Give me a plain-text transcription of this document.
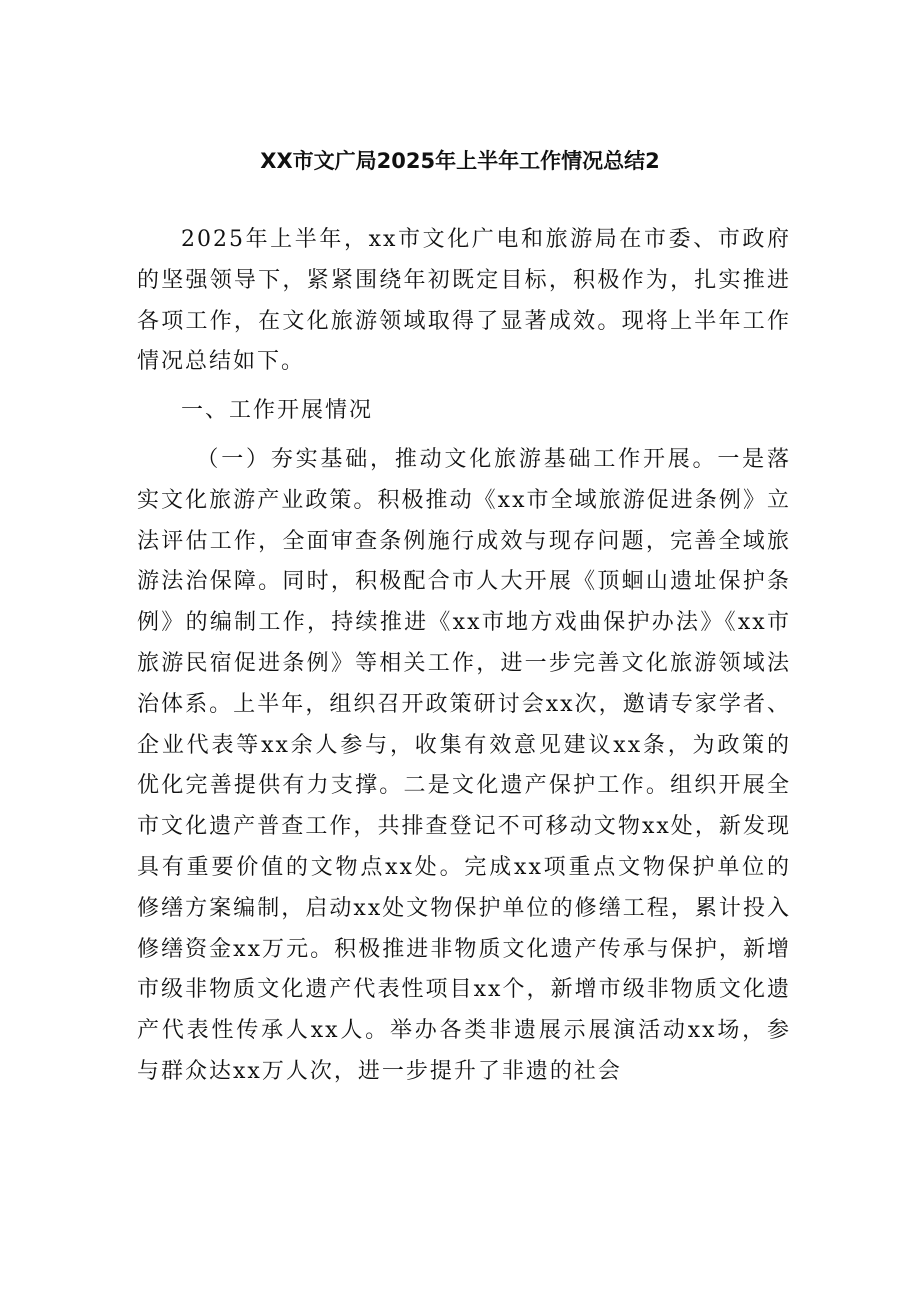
XX市文广局2025年上半年工作情况总结2

2025年上半年，xx市文化广电和旅游局在市委、市政府的坚强领导下，紧紧围绕年初既定目标，积极作为，扎实推进各项工作，在文化旅游领域取得了显著成效。现将上半年工作情况总结如下。

一、工作开展情况

（一）夯实基础，推动文化旅游基础工作开展。一是落实文化旅游产业政策。积极推动《xx市全域旅游促进条例》立法评估工作，全面审查条例施行成效与现存问题，完善全域旅游法治保障。同时，积极配合市人大开展《顶蛔山遗址保护条例》的编制工作，持续推进《xx市地方戏曲保护办法》《xx市旅游民宿促进条例》等相关工作，进一步完善文化旅游领域法治体系。上半年，组织召开政策研讨会xx次，邀请专家学者、企业代表等xx余人参与，收集有效意见建议xx条，为政策的优化完善提供有力支撑。二是文化遗产保护工作。组织开展全市文化遗产普查工作，共排查登记不可移动文物xx处，新发现具有重要价值的文物点xx处。完成xx项重点文物保护单位的修缮方案编制，启动xx处文物保护单位的修缮工程，累计投入修缮资金xx万元。积极推进非物质文化遗产传承与保护，新增市级非物质文化遗产代表性项目xx个，新增市级非物质文化遗产代表性传承人xx人。举办各类非遗展示展演活动xx场，参与群众达xx万人次，进一步提升了非遗的社会
